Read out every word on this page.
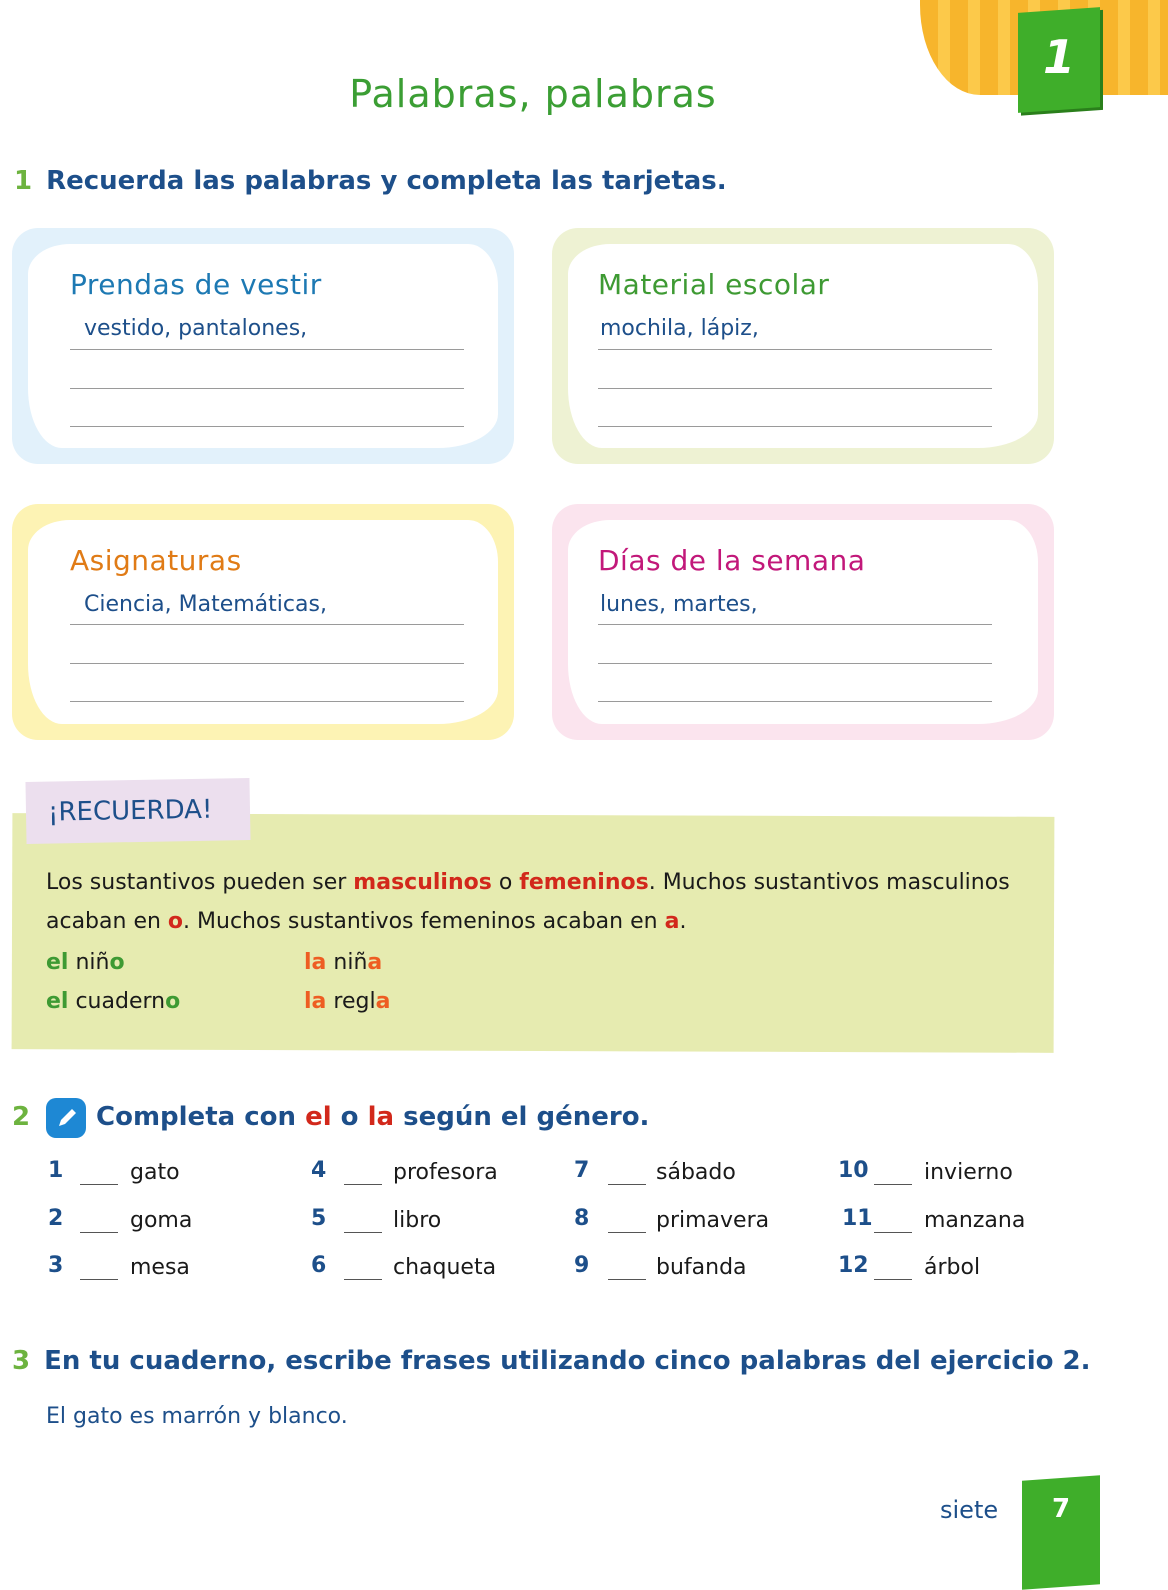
1
Palabras, palabras
1 Recuerda las palabras y completa las tarjetas.
Prendas de vestir
vestido, pantalones,
Material escolar
mochila, lápiz,
Asignaturas
Ciencia, Matemáticas,
Días de la semana
lunes, martes,
¡RECUERDA!
Los sustantivos pueden ser masculinos o femeninos. Muchos sustantivos masculinos
acaban en o. Muchos sustantivos femeninos acaban en a.
el niño	la niña
el cuaderno	la regla
2	Completa con el o la según el género.
1	gato
2	goma
3	mesa
4	profesora
5	libro
6	chaqueta
7	sábado
8	primavera
9	bufanda
10	invierno
11 manzana
12	árbol
3 En tu cuaderno, escribe frases utilizando cinco palabras del ejercicio 2.
El gato es marrón y blanco.
siete	7
